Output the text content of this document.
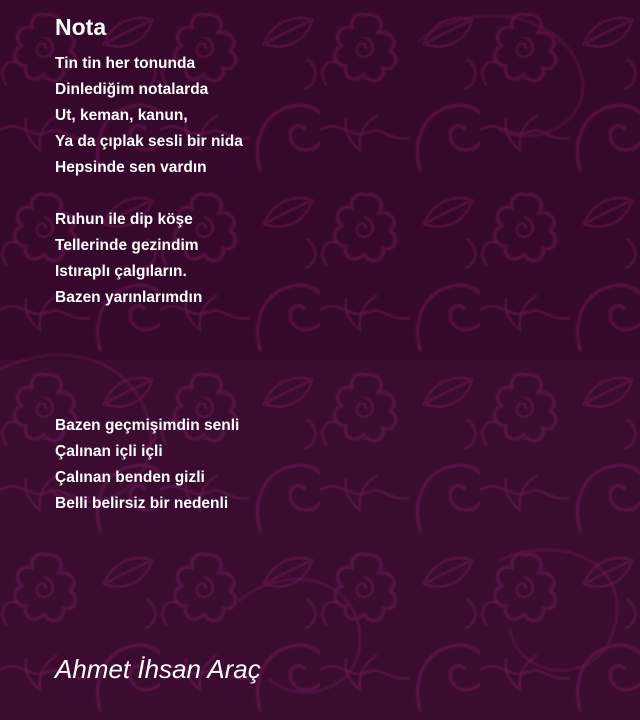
Nota
Tin tin her tonunda
Dinlediğim notalarda
Ut, keman, kanun,
Ya da çıplak sesli bir nida
Hepsinde sen vardın
Ruhun ile dip köşe
Tellerinde gezindim
Istıraplı çalgıların.
Bazen yarınlarımdın
Bazen geçmişimdin senli
Çalınan içli içli
Çalınan benden gizli
Belli belirsiz bir nedenli
Ahmet İhsan Araç
